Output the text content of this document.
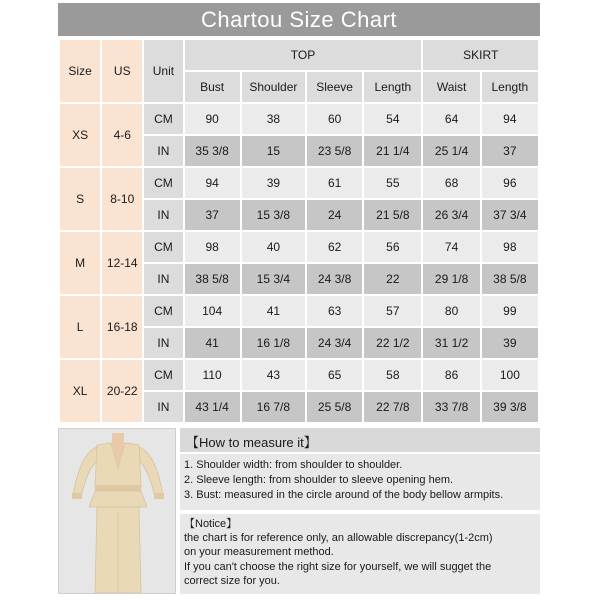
Chartou Size Chart
Size	US	Unit	TOP				SKIRT	
			Bust	Shoulder	Sleeve	Length	Waist	Length
XS	4-6	CM	90	38	60	54	64	94
		IN	35 3/8	15	23 5/8	21 1/4	25 1/4	37
S	8-10	CM	94	39	61	55	68	96
		IN	37	15 3/8	24	21 5/8	26 3/4	37 3/4
M	12-14	CM	98	40	62	56	74	98
		IN	38 5/8	15 3/4	24 3/8	22	29 1/8	38 5/8
L	16-18	CM	104	41	63	57	80	99
		IN	41	16 1/8	24 3/4	22 1/2	31 1/2	39
XL	20-22	CM	110	43	65	58	86	100
		IN	43 1/4	16 7/8	25 5/8	22 7/8	33 7/8	39 3/8
【How to measure it】
1. Shoulder width: from shoulder to shoulder.
2. Sleeve length: from shoulder to sleeve opening hem.
3. Bust: measured in the circle around of the body bellow armpits.
【Notice】
the chart is for reference only, an allowable discrepancy(1-2cm)
on your measurement method.
If you can't choose the right size for yourself, we will sugget the
correct size for you.
